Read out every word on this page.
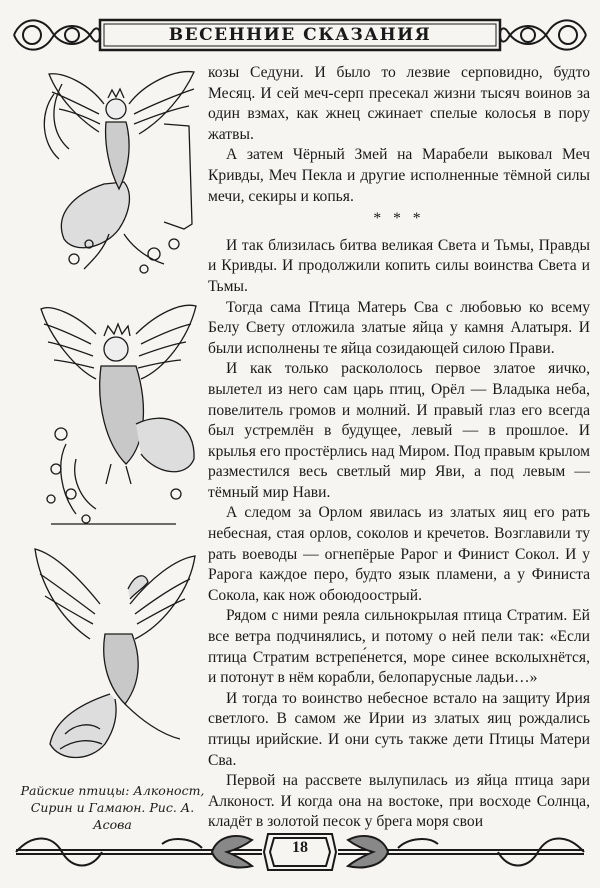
ВЕСЕННИЕ СКАЗАНИЯ
Райские птицы: Алконост,
Сирин и Гамаюн. Рис. А. Асова

козы Седуни. И было то лезвие серповидно, будто Месяц. И сей меч-серп пресекал жизни тысяч воинов за один взмах, как жнец сжинает спелые колосья в пору жатвы.

А затем Чёрный Змей на Марабели выковал Меч Кривды, Меч Пекла и другие исполненные тёмной силы мечи, секиры и копья.

* * *

И так близилась битва великая Света и Тьмы, Правды и Кривды. И продолжили копить силы воинства Света и Тьмы.

Тогда сама Птица Матерь Сва с любовью ко всему Белу Свету отложила златые яйца у камня Алатыря. И были исполнены те яйца созидающей силою Прави.

И как только раскололось первое златое яичко, вылетел из него сам царь птиц, Орёл — Владыка неба, повелитель громов и молний. И правый глаз его всегда был устремлён в будущее, левый — в прошлое. И крылья его простёрлись над Миром. Под правым крылом разместился весь светлый мир Яви, а под левым — тёмный мир Нави.

А следом за Орлом явилась из златых яиц его рать небесная, стая орлов, соколов и кречетов. Возглавили ту рать воеводы — огнепёрые Рарог и Финист Сокол. И у Рарога каждое перо, будто язык пламени, а у Финиста Сокола, как нож обоюдоострый.

Рядом с ними реяла сильнокрылая птица Стратим. Ей все ветра подчинялись, и потому о ней пели так: «Если птица Стратим встрепе́нется, море синее всколыхнётся, и потонут в нём корабли, белопарусные ладьи…»

И тогда то воинство небесное встало на защиту Ирия светлого. В самом же Ирии из златых яиц рождались птицы ирийские. И они суть также дети Птицы Матери Сва.

Первой на рассвете вылупилась из яйца птица зари Алконост. И когда она на востоке, при восходе Солнца, кладёт в золотой песок у брега моря свои

18
